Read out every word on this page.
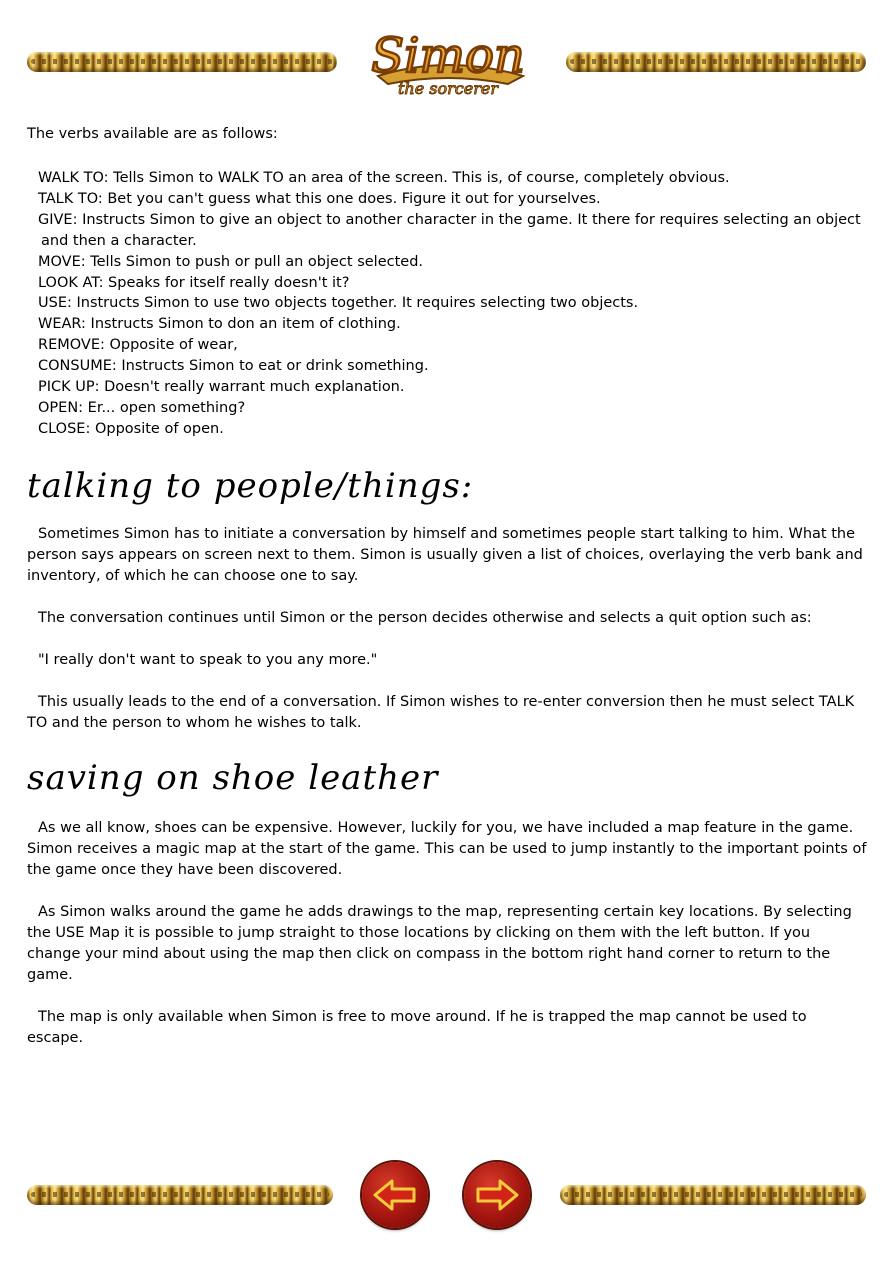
Simon
the sorcerer
The verbs available are as follows:
WALK TO: Tells Simon to WALK TO an area of the screen. This is, of course, completely obvious.
TALK TO: Bet you can't guess what this one does. Figure it out for yourselves.
GIVE: Instructs Simon to give an object to another character in the game. It there for requires selecting an object
and then a character.
MOVE: Tells Simon to push or pull an object selected.
LOOK AT: Speaks for itself really doesn't it?
USE: Instructs Simon to use two objects together. It requires selecting two objects.
WEAR: Instructs Simon to don an item of clothing.
REMOVE: Opposite of wear,
CONSUME: Instructs Simon to eat or drink something.
PICK UP: Doesn't really warrant much explanation.
OPEN: Er... open something?
CLOSE: Opposite of open.
talking to people/things:
Sometimes Simon has to initiate a conversation by himself and sometimes people start talking to him. What the person says appears on screen next to them. Simon is usually given a list of choices, overlaying the verb bank and inventory, of which he can choose one to say.
The conversation continues until Simon or the person decides otherwise and selects a quit option such as:
"I really don't want to speak to you any more."
This usually leads to the end of a conversation. If Simon wishes to re-enter conversion then he must select TALK TO and the person to whom he wishes to talk.
saving on shoe leather
As we all know, shoes can be expensive. However, luckily for you, we have included a map feature in the game. Simon receives a magic map at the start of the game. This can be used to jump instantly to the important points of the game once they have been discovered.
As Simon walks around the game he adds drawings to the map, representing certain key locations. By selecting the USE Map it is possible to jump straight to those locations by clicking on them with the left button. If you change your mind about using the map then click on compass in the bottom right hand corner to return to the game.
The map is only available when Simon is free to move around. If he is trapped the map cannot be used to escape.
